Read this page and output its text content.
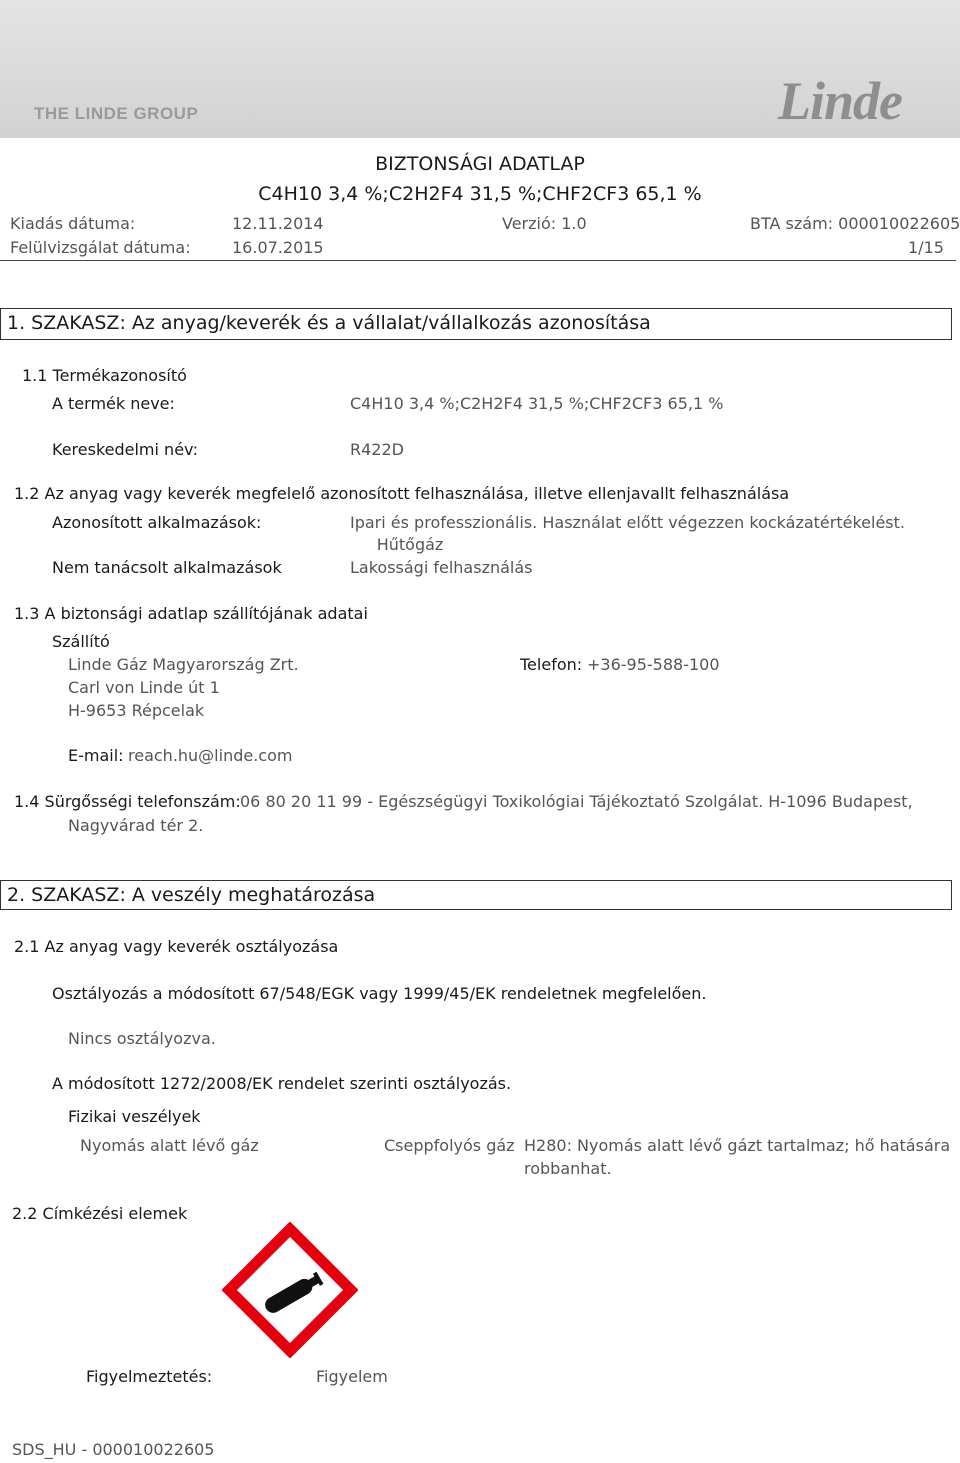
THE LINDE GROUP	Linde
BIZTONSÁGI ADATLAP
C4H10 3,4 %;C2H2F4 31,5 %;CHF2CF3 65,1 %
Kiadás dátuma:	12.11.2014	Verzió: 1.0	BTA szám: 000010022605
Felülvizsgálat dátuma:	16.07.2015	1/15
1. SZAKASZ: Az anyag/keverék és a vállalat/vállalkozás azonosítása
1.1 Termékazonosító
A termék neve:	C4H10 3,4 %;C2H2F4 31,5 %;CHF2CF3 65,1 %
Kereskedelmi név:	R422D
1.2 Az anyag vagy keverék megfelelő azonosított felhasználása, illetve ellenjavallt felhasználása
Azonosított alkalmazások:	Ipari és professzionális. Használat előtt végezzen kockázatértékelést.
Hűtőgáz
Nem tanácsolt alkalmazások	Lakossági felhasználás
1.3 A biztonsági adatlap szállítójának adatai
Szállító
Linde Gáz Magyarország Zrt.	Telefon: +36-95-588-100
Carl von Linde út 1
H-9653 Répcelak
E-mail: reach.hu@linde.com
1.4 Sürgősségi telefonszám: 06 80 20 11 99 - Egészségügyi Toxikológiai Tájékoztató Szolgálat. H-1096 Budapest,
Nagyvárad tér 2.
2. SZAKASZ: A veszély meghatározása
2.1 Az anyag vagy keverék osztályozása
Osztályozás a módosított 67/548/EGK vagy 1999/45/EK rendeletnek megfelelően.
Nincs osztályozva.
A módosított 1272/2008/EK rendelet szerinti osztályozás.
Fizikai veszélyek
Nyomás alatt lévő gáz	Cseppfolyós gáz H280: Nyomás alatt lévő gázt tartalmaz; hő hatására
robbanhat.
2.2 Címkézési elemek
Figyelmeztetés:	Figyelem
SDS_HU - 000010022605
